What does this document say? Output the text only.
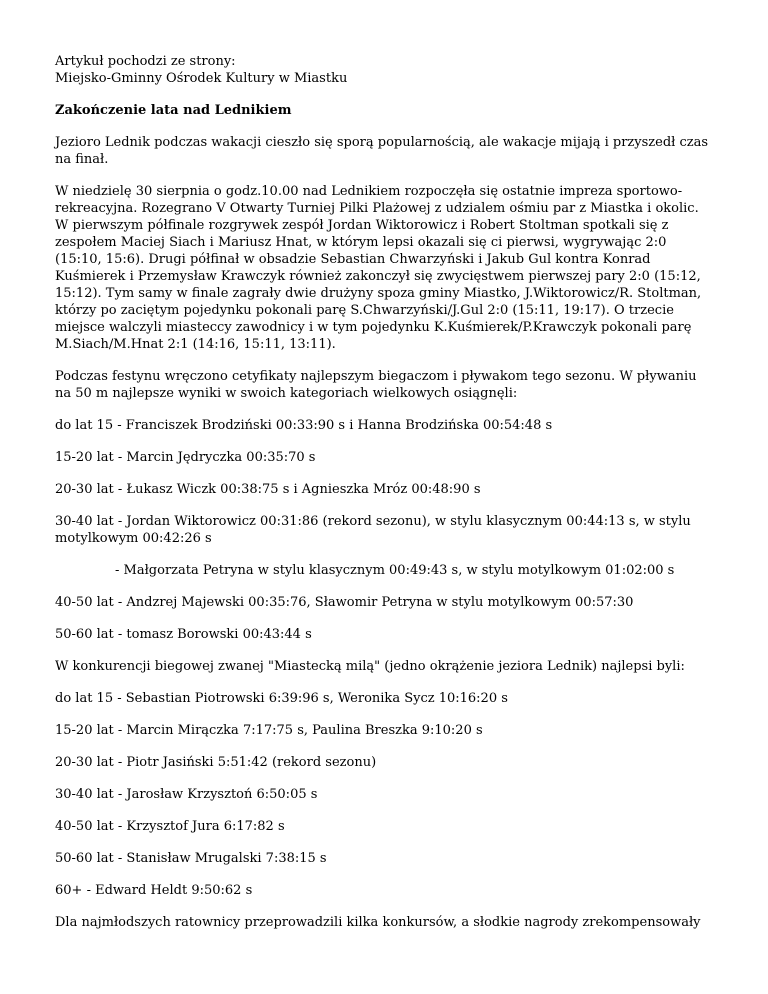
Artykuł pochodzi ze strony:
Miejsko-Gminny Ośrodek Kultury w Miastku

Zakończenie lata nad Lednikiem

Jezioro Lednik podczas wakacji cieszło się sporą popularnością, ale wakacje mijają i przyszedł czas na finał.

W niedzielę 30 sierpnia o godz.10.00 nad Lednikiem rozpoczęła się ostatnie impreza sportowo-rekreacyjna. Rozegrano V Otwarty Turniej Pilki Plażowej z udzialem ośmiu par z Miastka i okolic. W pierwszym półfinale rozgrywek zespół Jordan Wiktorowicz i Robert Stoltman spotkali się z zespołem Maciej Siach i Mariusz Hnat, w którym lepsi okazali się ci pierwsi, wygrywając 2:0 (15:10, 15:6). Drugi półfinał w obsadzie Sebastian Chwarzyński i Jakub Gul kontra Konrad Kuśmierek i Przemysław Krawczyk również zakonczył się zwycięstwem pierwszej pary 2:0 (15:12, 15:12). Tym samy w finale zagrały dwie drużyny spoza gminy Miastko, J.Wiktorowicz/R. Stoltman, którzy po zaciętym pojedynku pokonali parę S.Chwarzyński/J.Gul 2:0 (15:11, 19:17). O trzecie miejsce walczyli miasteccy zawodnicy i w tym pojedynku K.Kuśmierek/P.Krawczyk pokonali parę M.Siach/M.Hnat 2:1 (14:16, 15:11, 13:11).

Podczas festynu wręczono cetyfikaty najlepszym biegaczom i pływakom tego sezonu. W pływaniu na 50 m najlepsze wyniki w swoich kategoriach wielkowych osiągnęli:

do lat 15 - Franciszek Brodziński 00:33:90 s i Hanna Brodzińska 00:54:48 s

15-20 lat - Marcin Jędryczka 00:35:70 s

20-30 lat - Łukasz Wiczk 00:38:75 s i Agnieszka Mróz 00:48:90 s

30-40 lat - Jordan Wiktorowicz 00:31:86 (rekord sezonu), w stylu klasycznym 00:44:13 s, w stylu motylkowym 00:42:26 s

- Małgorzata Petryna w stylu klasycznym 00:49:43 s, w stylu motylkowym 01:02:00 s

40-50 lat - Andzrej Majewski 00:35:76, Sławomir Petryna w stylu motylkowym 00:57:30

50-60 lat - tomasz Borowski 00:43:44 s

W konkurencji biegowej zwanej "Miastecką milą" (jedno okrążenie jeziora Lednik) najlepsi byli:

do lat 15 - Sebastian Piotrowski 6:39:96 s, Weronika Sycz 10:16:20 s

15-20 lat - Marcin Mirączka 7:17:75 s, Paulina Breszka 9:10:20 s

20-30 lat - Piotr Jasiński 5:51:42 (rekord sezonu)

30-40 lat - Jarosław Krzysztoń 6:50:05 s

40-50 lat - Krzysztof Jura 6:17:82 s

50-60 lat - Stanisław Mrugalski 7:38:15 s

60+ - Edward Heldt 9:50:62 s

Dla najmłodszych ratownicy przeprowadzili kilka konkursów, a słodkie nagrody zrekompensowały
